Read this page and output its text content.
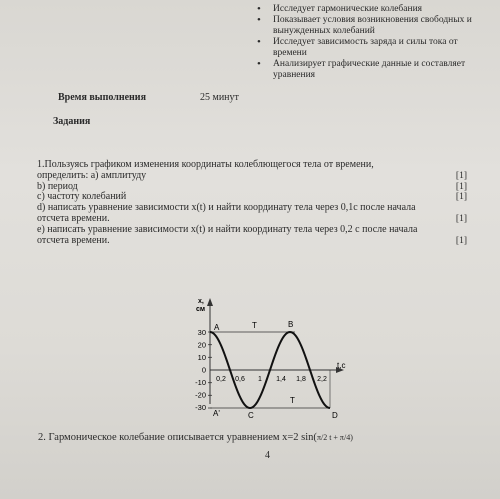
• Исследует гармонические колебания
• Показывает условия возникновения свободных и
вынужденных колебаний
• Исследует зависимость заряда и силы тока от
времени
• Анализирует графические данные и составляет
уравнения
Время выполнения	25 минут
Задания
1.Пользуясь графиком изменения координаты колеблющегося тела от времени,
определить: а) амплитуду	[1]
b) период	[1]
c) частоту колебаний	[1]
d) написать уравнение зависимости x(t) и найти координату тела через 0,1с после начала
отсчета времени.	[1]
e) написать уравнение зависимости x(t) и найти координату тела через 0,2 с после начала
отсчета времени.	[1]
x,
см
t,c
30
20
10
0
-10
-20
-30
0,2 0,6 1 1,4 1,8 2,2
A	B
A'	C	D
T
T
2. Гармоническое колебание описывается уравнением x=2 sin(π/2 t + π/4)
4
